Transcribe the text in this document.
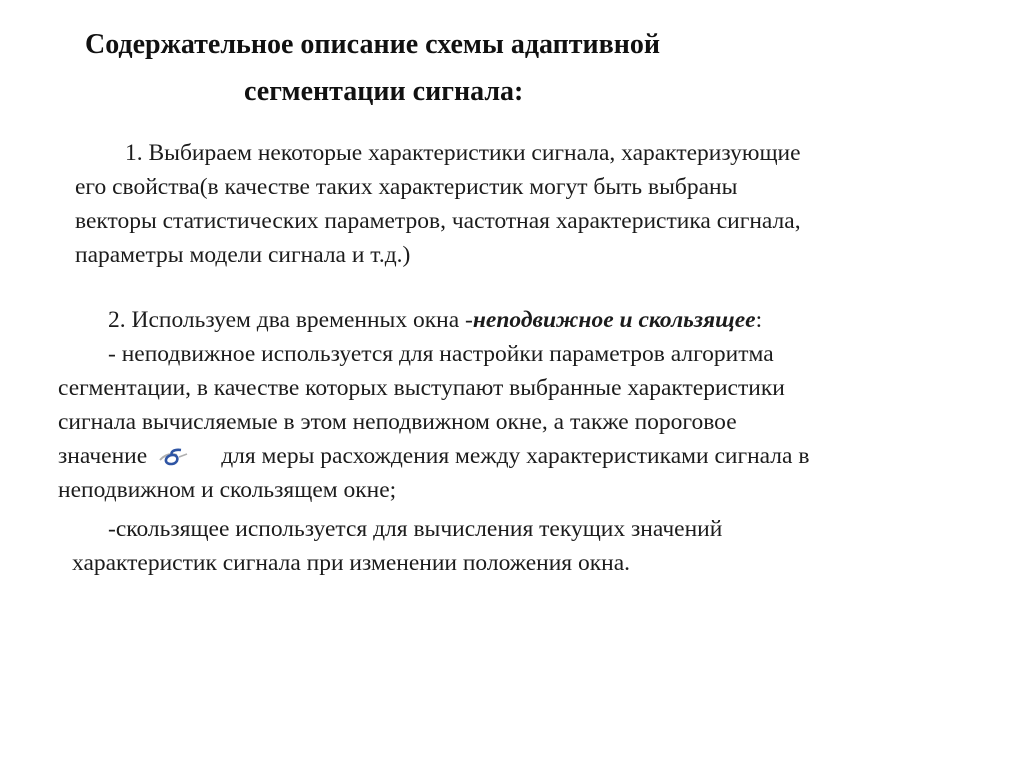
Содержательное описание схемы адаптивной
сегментации сигнала:
1. Выбираем некоторые характеристики сигнала, характеризующие
его свойства(в качестве таких характеристик могут быть выбраны
векторы статистических параметров, частотная характеристика сигнала,
параметры модели сигнала и т.д.)
2. Используем два временных окна -неподвижное и скользящее:
- неподвижное используется для настройки параметров алгоритма
сегментации, в качестве которых выступают выбранные характеристики
сигнала вычисляемые в этом неподвижном окне, а также пороговое
значение	для меры расхождения между характеристиками сигнала в
неподвижном и скользящем окне;
-скользящее используется для вычисления текущих значений
характеристик сигнала при изменении положения окна.
